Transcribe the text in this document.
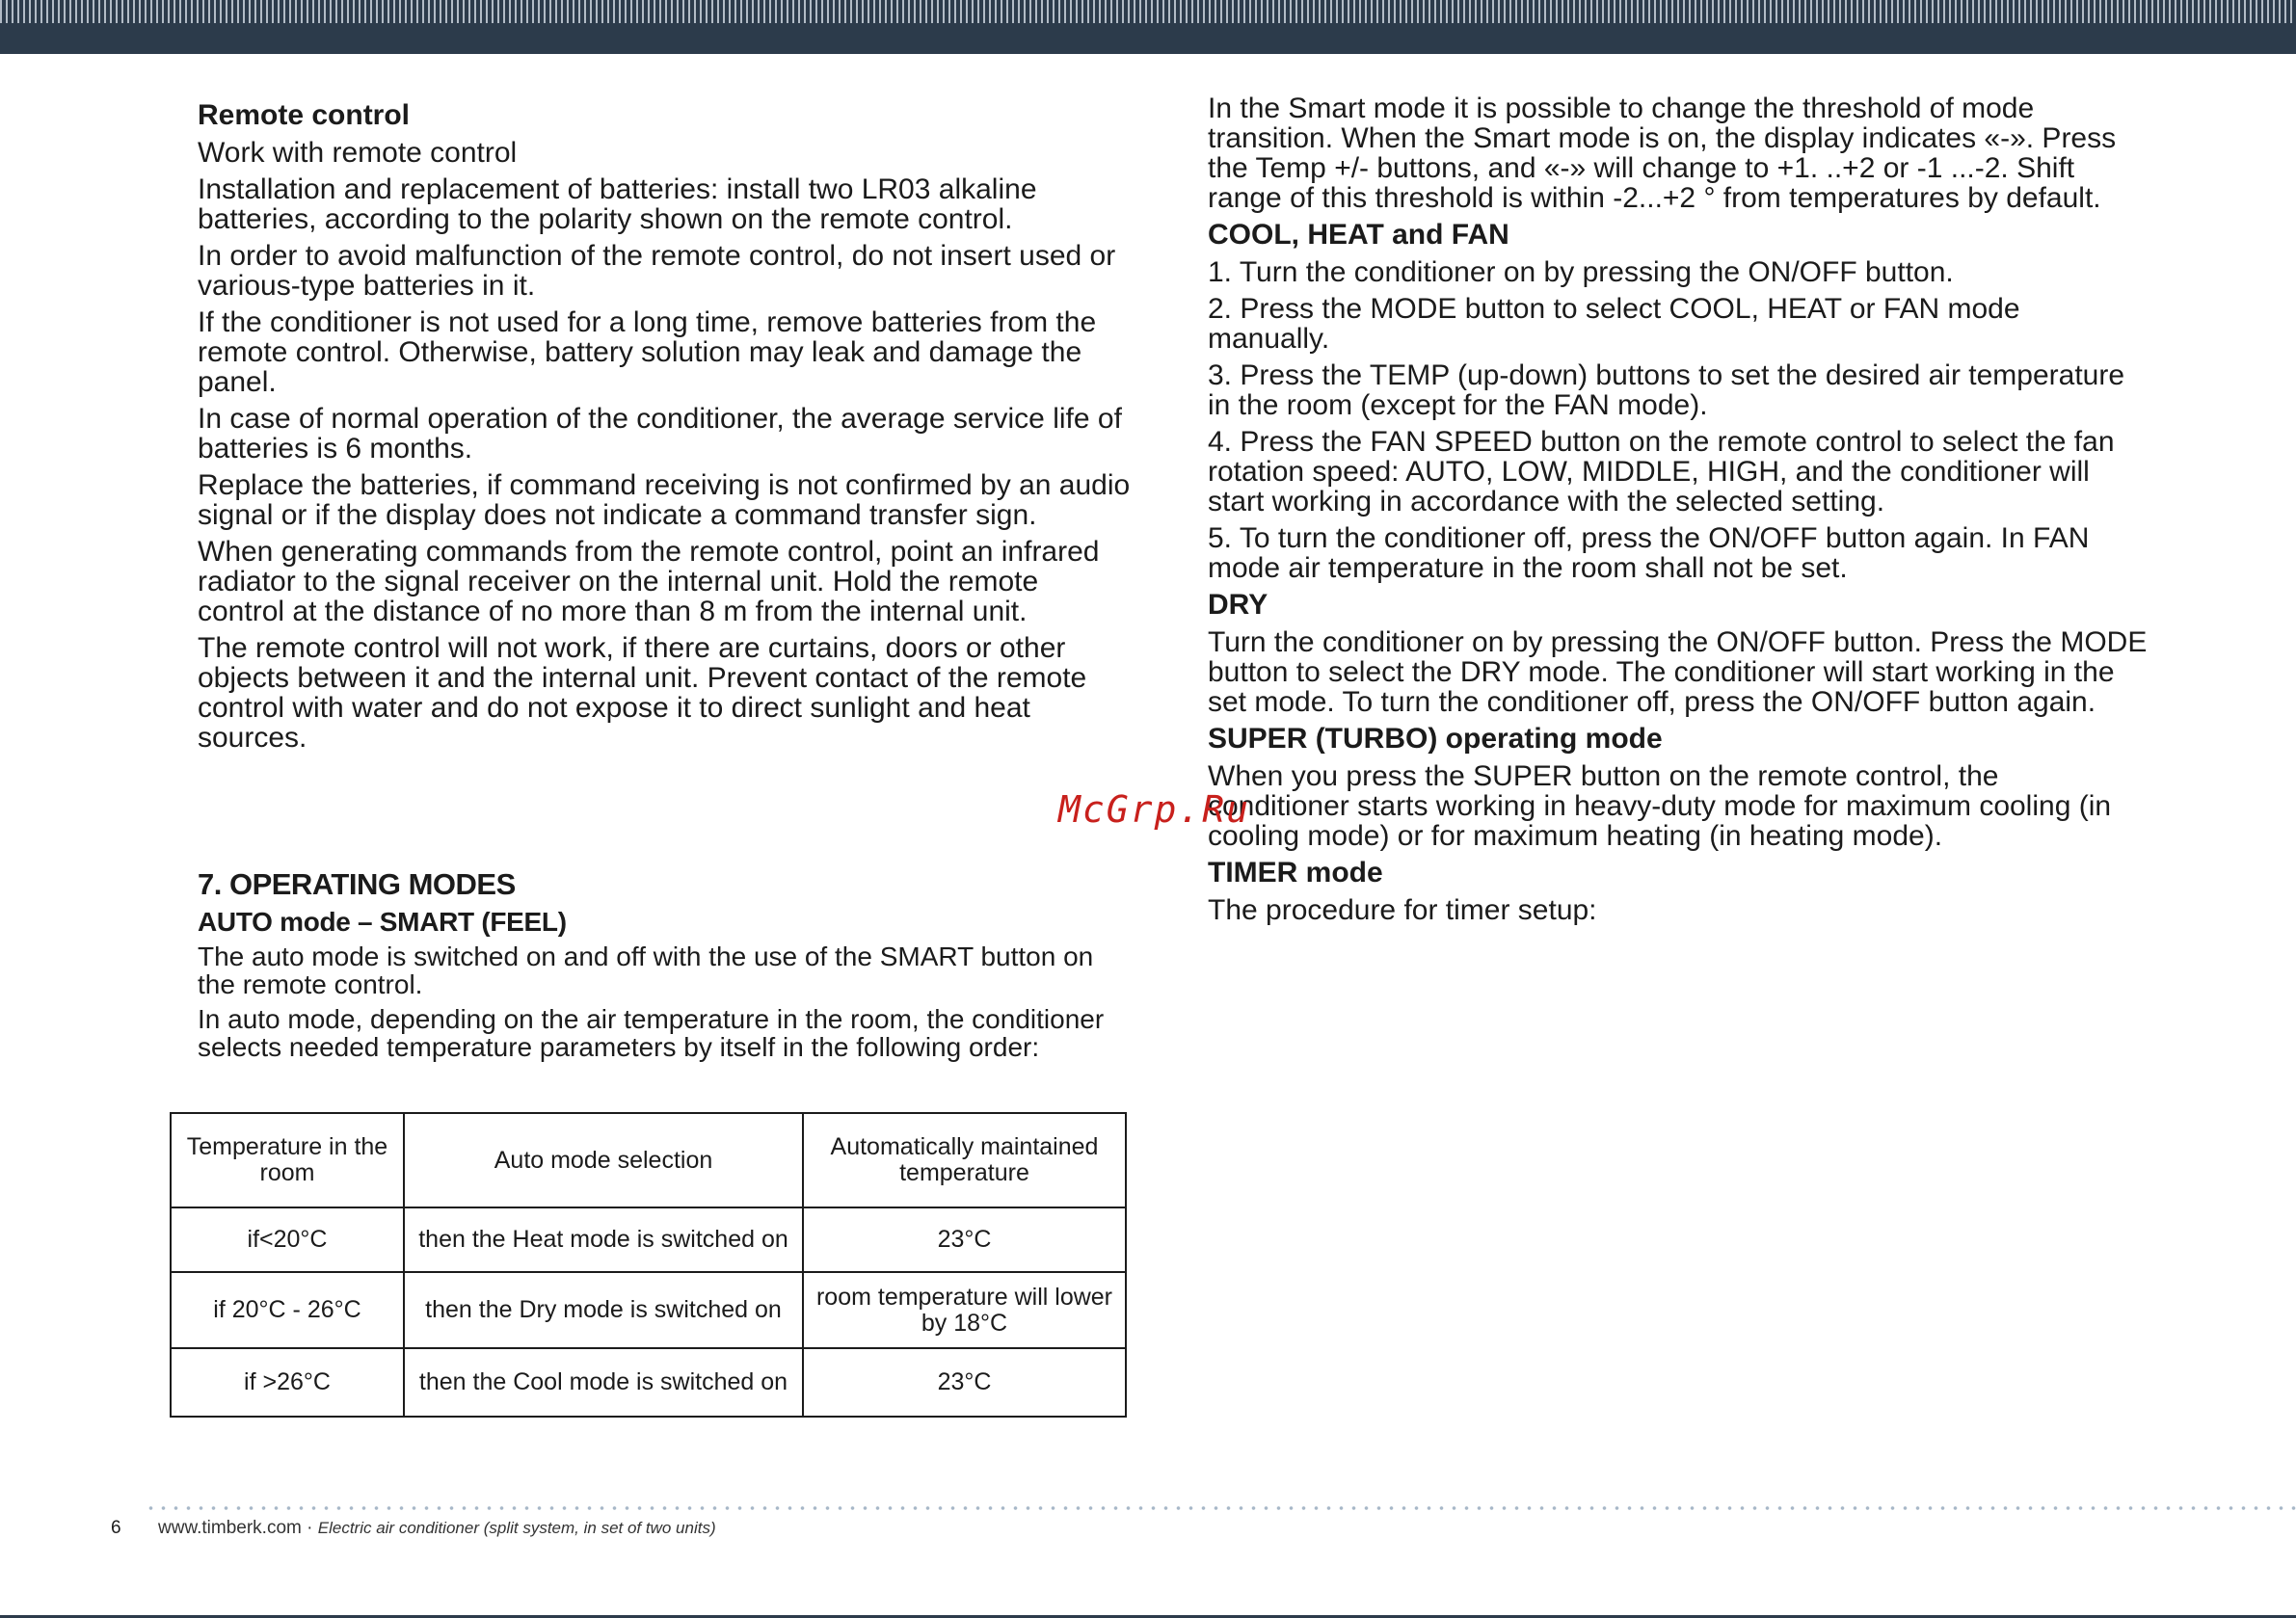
Remote control

Work with remote control

Installation and replacement of batteries: install two LR03 alkaline batteries, according to the polarity shown on the remote control.

In order to avoid malfunction of the remote control, do not insert used or various-type batteries in it.

If the conditioner is not used for a long time, remove batteries from the remote control. Otherwise, battery solution may leak and damage the panel.

In case of normal operation of the conditioner, the average service life of batteries is 6 months.

Replace the batteries, if command receiving is not confirmed by an audio signal or if the display does not indicate a command transfer sign.

When generating commands from the remote control, point an infrared radiator to the signal receiver on the internal unit. Hold the remote control at the distance of no more than 8 m from the internal unit.

The remote control will not work, if there are curtains, doors or other objects between it and the internal unit. Prevent contact of the remote control with water and do not expose it to direct sunlight and heat sources.

7. OPERATING MODES
AUTO mode – SMART (FEEL)

The auto mode is switched on and off with the use of the SMART button on the remote control.

In auto mode, depending on the air temperature in the room, the conditioner selects needed temperature parameters by itself in the following order:

Temperature in the room	Auto mode selection	Automatically maintained temperature
if<20°C	then the Heat mode is switched on	23°C
if 20°C - 26°C	then the Dry mode is switched on	room temperature will lower by 18°C
if >26°C	then the Cool mode is switched on	23°C

In the Smart mode it is possible to change the threshold of mode transition. When the Smart mode is on, the display indicates «-». Press the Temp +/- buttons, and «-» will change to +1. ..+2 or -1 ...-2. Shift range of this threshold is within -2...+2 ° from temperatures by default.

COOL, HEAT and FAN

1. Turn the conditioner on by pressing the ON/OFF button.

2. Press the MODE button to select COOL, HEAT or FAN mode manually.

3. Press the TEMP (up-down) buttons to set the desired air temperature in the room (except for the FAN mode).

4. Press the FAN SPEED button on the remote control to select the fan rotation speed: AUTO, LOW, MIDDLE, HIGH, and the conditioner will start working in accordance with the selected setting.

5. To turn the conditioner off, press the ON/OFF button again. In FAN mode air temperature in the room shall not be set.

DRY

Turn the conditioner on by pressing the ON/OFF button. Press the MODE button to select the DRY mode. The conditioner will start working in the set mode. To turn the conditioner off, press the ON/OFF button again.

SUPER (TURBO) operating mode

When you press the SUPER button on the remote control, the conditioner starts working in heavy-duty mode for maximum cooling (in cooling mode) or for maximum heating (in heating mode).

TIMER mode

The procedure for timer setup:

McGrp.Ru
6 www.timberk.com · Electric air conditioner (split system, in set of two units)
